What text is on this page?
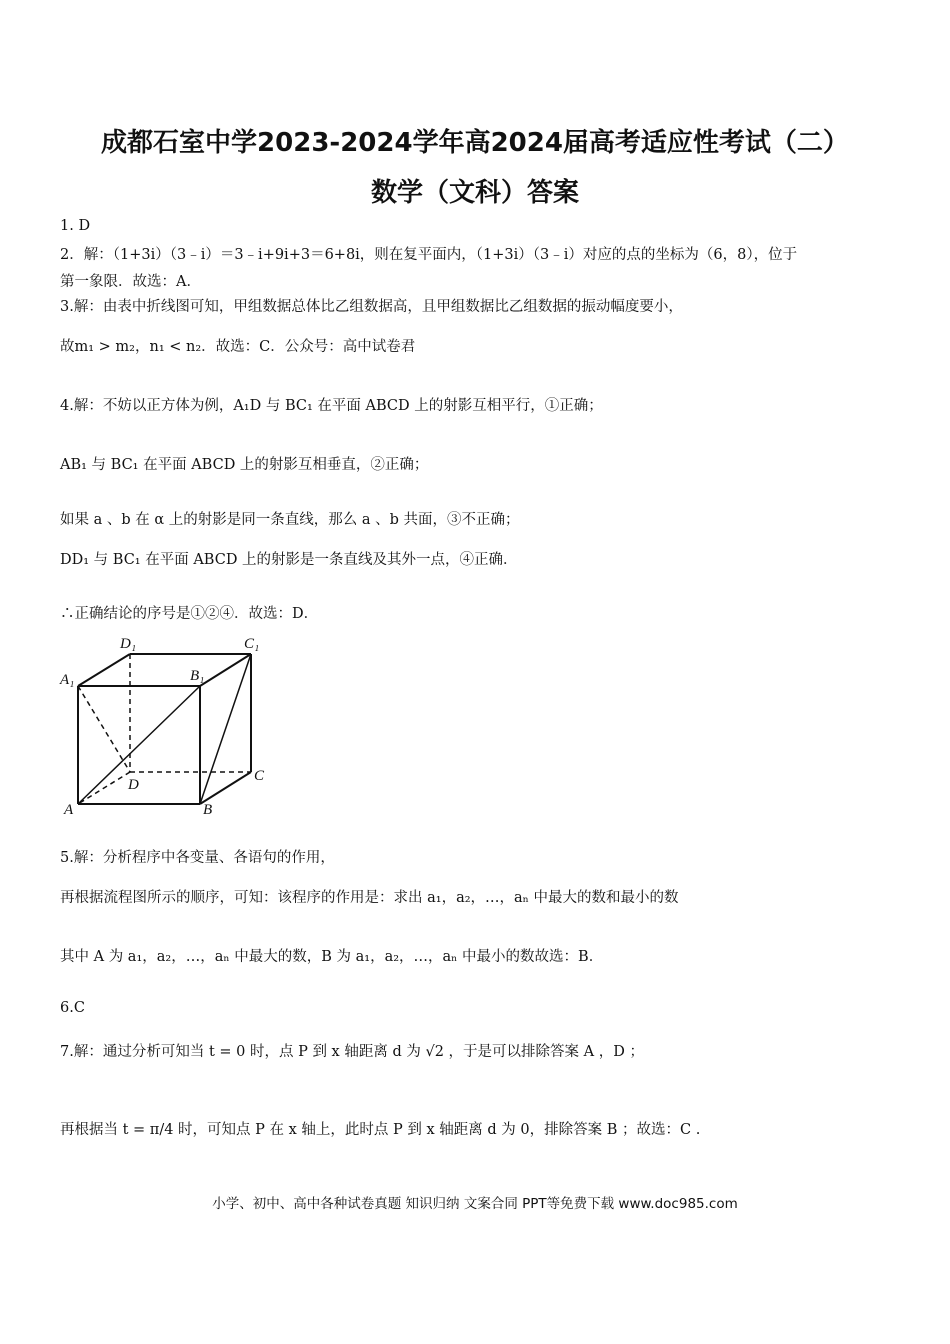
成都石室中学2023-2024学年高2024届高考适应性考试（二）
数学（文科）答案
1. D
2．解：（1+3i）（3﹣i）＝3﹣i+9i+3＝6+8i，则在复平面内，（1+3i）（3﹣i）对应的点的坐标为（6，8），位于
第一象限．故选：A．
3.解：由表中折线图可知，甲组数据总体比乙组数据高，且甲组数据比乙组数据的振动幅度要小，
故m₁ > m₂，n₁ < n₂．故选：C．公众号：高中试卷君
4.解：不妨以正方体为例，A₁D 与 BC₁ 在平面 ABCD 上的射影互相平行，①正确；
AB₁ 与 BC₁ 在平面 ABCD 上的射影互相垂直，②正确；
如果 a 、b 在 α 上的射影是同一条直线，那么 a 、b 共面，③不正确；
DD₁ 与 BC₁ 在平面 ABCD 上的射影是一条直线及其外一点，④正确．
∴正确结论的序号是①②④．故选：D．
A	B
C
D
A₁	B₁
C₁
D₁
5.解：分析程序中各变量、各语句的作用，
再根据流程图所示的顺序，可知：该程序的作用是：求出 a₁，a₂，…，aₙ 中最大的数和最小的数
其中 A 为 a₁，a₂，…，aₙ 中最大的数，B 为 a₁，a₂，…，aₙ 中最小的数故选：B．
6.C
7.解：通过分析可知当 t = 0 时，点 P 到 x 轴距离 d 为 √2 ，于是可以排除答案 A ，D ；
再根据当 t = π/4 时，可知点 P 在 x 轴上，此时点 P 到 x 轴距离 d 为 0，排除答案 B ；故选：C .
小学、初中、高中各种试卷真题 知识归纳 文案合同 PPT等免费下载 www.doc985.com
